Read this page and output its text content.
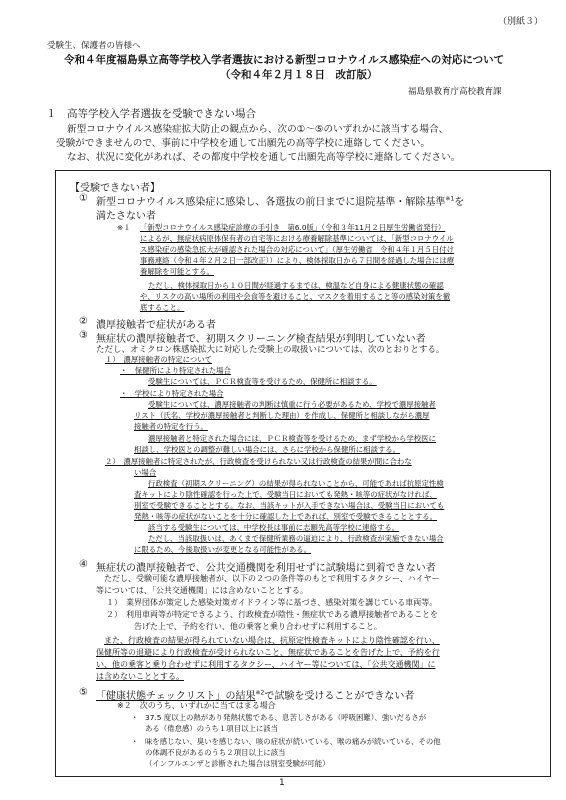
（別紙３）
受験生、保護者の皆様へ
令和４年度福島県立高等学校入学者選抜における新型コロナウイルス感染症への対応について
（令和４年２月１８日　改訂版）
福島県教育庁高校教育課
１　高等学校入学者選抜を受験できない場合
新型コロナウイルス感染症拡大防止の観点から、次の①～⑤のいずれかに該当する場合、
受験ができませんので、事前に中学校を通して出願先の高等学校に連絡してください。
なお、状況に変化があれば、その都度中学校を通して出願先高等学校に連絡してください。
【受験できない者】
① 新型コロナウイルス感染症に感染し、各選抜の前日までに退院基準・解除基準$^{※1}$を
満たさない者
※１ 「新型コロナウイルス感染症診療の手引き　第6.0版」（令和３年11月２日厚生労働省発行）
によるが、無症状病原体保有者の自宅等における療養解除基準については、「新型コロナウイル
ス感染症の感染急拡大が確認された場合の対応について」（厚生労働省　令和４年１月５日付け
事務連絡（令和４年２月２日一部改正））により、検体採取日から７日間を経過した場合には療
養解除を可能とする。
ただし、検体採取日から１０日間が経過するまでは、検温など自身による健康状態の確認
や、リスクの高い場所の利用や会食等を避けること、マスクを着用すること等の感染対策を徹
底すること。
② 濃厚接触者で症状がある者
③ 無症状の濃厚接触者で、初期スクリーニング検査結果が判明していない者
ただし、オミクロン株感染拡大に対応した受験上の取扱いについては、次のとおりとする。
１）　濃厚接触者の特定について
・　保健所により特定された場合
受験生については、ＰＣＲ検査等を受けるため、保健所に相談する。
・　学校により特定された場合
受験生については、濃厚接触者の判断は慎重に行う必要があるため、学校で濃厚接触者
リスト（氏名、学校が濃厚接触者と判断した理由）を作成し、保健所と相談しながら濃厚
接触者の特定を行う。
濃厚接触者と特定された場合には、ＰＣＲ検査等を受けるため、まず学校から学校医に
相談し、学校医との調整が難しい場合には、さらに学校から保健所に相談する。
２）　濃厚接触者に特定されたが、行政検査を受けられない又は行政検査の結果が間に合わな
い場合
行政検査（初期スクリーニング）の結果が得られないことから、可能であれば抗原定性検
査キットにより陰性確認を行った上で、受験当日においても発熱・咳等の症状がなければ、
別室で受験できることとする。なお、当該キットが入手できない場合は、受験当日においても
発熱・咳等の症状がないことを十分に確認した上であれば、別室で受験できることとする。
該当する受験生については、中学校長は事前に志願先高等学校に連絡する。
ただし、当該取扱いは、あくまで保健所業務の逼迫により、行政検査が実施できない場合
に限るため、今後取扱いが変更となる可能性がある。
④ 無症状の濃厚接触者で、公共交通機関を利用せずに試験場に到着できない者
ただし、受験可能な濃厚接触者が、以下の２つの条件等のもとで利用するタクシー、ハイヤー
等については、「公共交通機関」には含めないこととする。
１）　業界団体が策定した感染対策ガイドライン等に基づき、感染対策を講じている車両等。
２）　利用車両等が特定できるよう、行政検査が陰性・無症状である濃厚接触者であることを
告げた上で、予約を行い、他の乗客と乗り合わせずに利用すること。
また、行政検査の結果が得られていない場合は、抗原定性検査キットにより陰性確認を行い、
保健所等の退避により行政検査が受けられないこと、無症状であることを告げた上で、予約を行
い、他の乗客と乗り合わせずに利用するタクシー、ハイヤー等については、「公共交通機関」に
は含めないこととする。
⑤ 「健康状態チェックリスト」の結果$^{※2}$で試験を受けることができない者
※２　次のうち、いずれかに当てはまる場合
・ 37.5 度以上の熱があり発熱状態である、息苦しさがある（呼吸困難）、強いだるさが
ある（倦怠感）のうち１項目以上に該当
・ 味を感じない、臭いを感じない、咳の症状が続いている、喉の痛みが続いている、その他
の体調不良があるのうち２項目以上に該当
（インフルエンザと診断された場合は別室受験が可能）
1
